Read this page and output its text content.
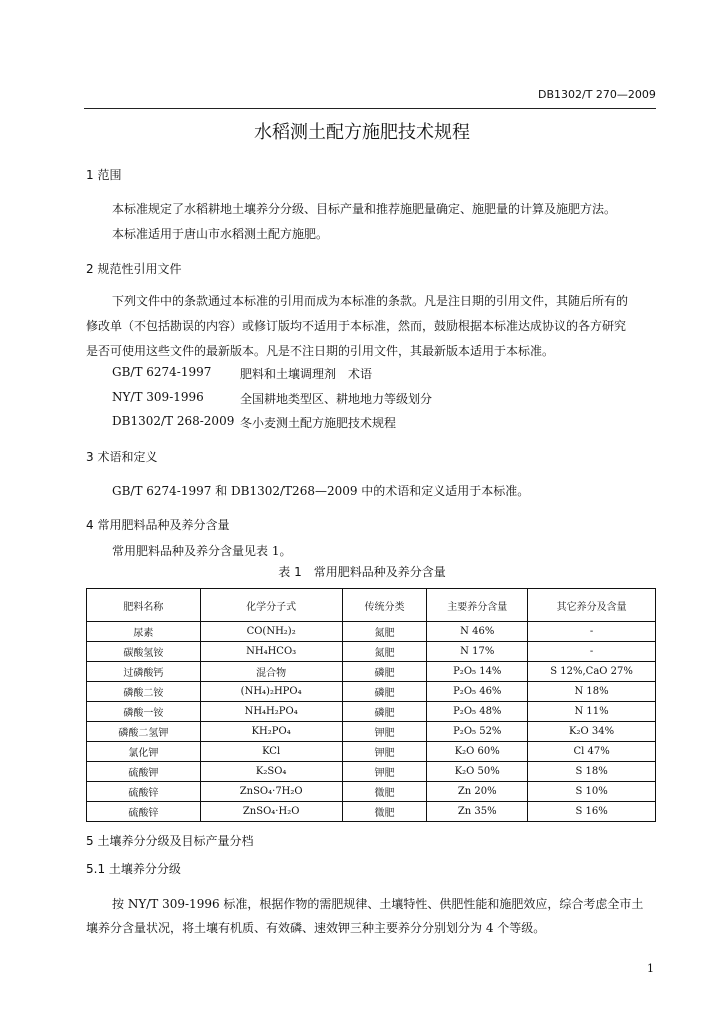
DB1302/T 270—2009
水稻测土配方施肥技术规程
1 范围
本标准规定了水稻耕地土壤养分分级、目标产量和推荐施肥量确定、施肥量的计算及施肥方法。
本标准适用于唐山市水稻测土配方施肥。
2 规范性引用文件
下列文件中的条款通过本标准的引用而成为本标准的条款。凡是注日期的引用文件，其随后所有的
修改单（不包括勘误的内容）或修订版均不适用于本标准，然而，鼓励根据本标准达成协议的各方研究
是否可使用这些文件的最新版本。凡是不注日期的引用文件，其最新版本适用于本标准。
GB/T 6274-1997 肥料和土壤调理剂　术语
NY/T 309-1996	全国耕地类型区、耕地地力等级划分
DB1302/T 268-2009 冬小麦测土配方施肥技术规程
3 术语和定义
GB/T 6274-1997 和 DB1302/T268—2009 中的术语和定义适用于本标准。
4 常用肥料品种及养分含量
常用肥料品种及养分含量见表 1。
表 1　常用肥料品种及养分含量
肥料名称	化学分子式	传统分类	主要养分含量	其它养分及含量
尿素	CO(NH₂)₂	氮肥	N 46%	-
碳酸氢铵	NH₄HCO₃	氮肥	N 17%	-
过磷酸钙	混合物	磷肥	P₂O₅ 14%	S 12%,CaO 27%
磷酸二铵	(NH₄)₂HPO₄	磷肥	P₂O₅ 46%	N 18%
磷酸一铵	NH₄H₂PO₄	磷肥	P₂O₅ 48%	N 11%
磷酸二氢钾	KH₂PO₄	钾肥	P₂O₅ 52%	K₂O 34%
氯化钾	KCl	钾肥	K₂O 60%	Cl 47%
硫酸钾	K₂SO₄	钾肥	K₂O 50%	S 18%
硫酸锌	ZnSO₄·7H₂O	微肥	Zn 20%	S 10%
硫酸锌	ZnSO₄·H₂O	微肥	Zn 35%	S 16%
5 土壤养分分级及目标产量分档
5.1 土壤养分分级
按 NY/T 309-1996 标准，根据作物的需肥规律、土壤特性、供肥性能和施肥效应，综合考虑全市土
壤养分含量状况，将土壤有机质、有效磷、速效钾三种主要养分分别划分为 4 个等级。
1
